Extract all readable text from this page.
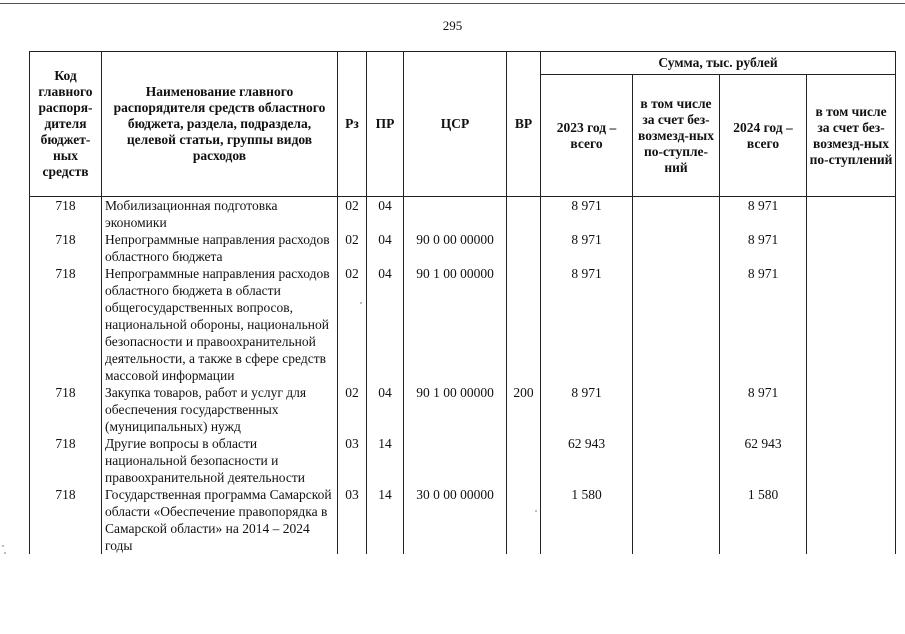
295
Код главного распоря-дителя бюджет-ных средств	Наименование главного распорядителя средств областного бюджета, раздела, подраздела, целевой статьи, группы видов расходов	Рз	ПР	ЦСР	ВР	Сумма, тыс. рублей			
						2023 год – всего	в том числе за счет без-возмезд-ных по-ступле-ний	2024 год – всего	в том числе за счет без-возмезд-ных по-ступлений
718	Мобилизационная подготовка экономики	02	04			8 971		8 971	
718	Непрограммные направления расходов областного бюджета	02	04	90 0 00 00000		8 971		8 971	
718	Непрограммные направления расходов областного бюджета в области общегосударственных вопросов, национальной обороны, национальной безопасности и правоохранительной деятельности, а также в сфере средств массовой информации	02	04	90 1 00 00000		8 971		8 971	
718	Закупка товаров, работ и услуг для обеспечения государственных (муниципальных) нужд	02	04	90 1 00 00000	200	8 971		8 971	
718	Другие вопросы в области национальной безопасности и правоохранительной деятельности	03	14			62 943		62 943	
718	Государственная программа Самарской области «Обеспечение правопорядка в Самарской области» на 2014 – 2024 годы	03	14	30 0 00 00000		1 580		1 580	
